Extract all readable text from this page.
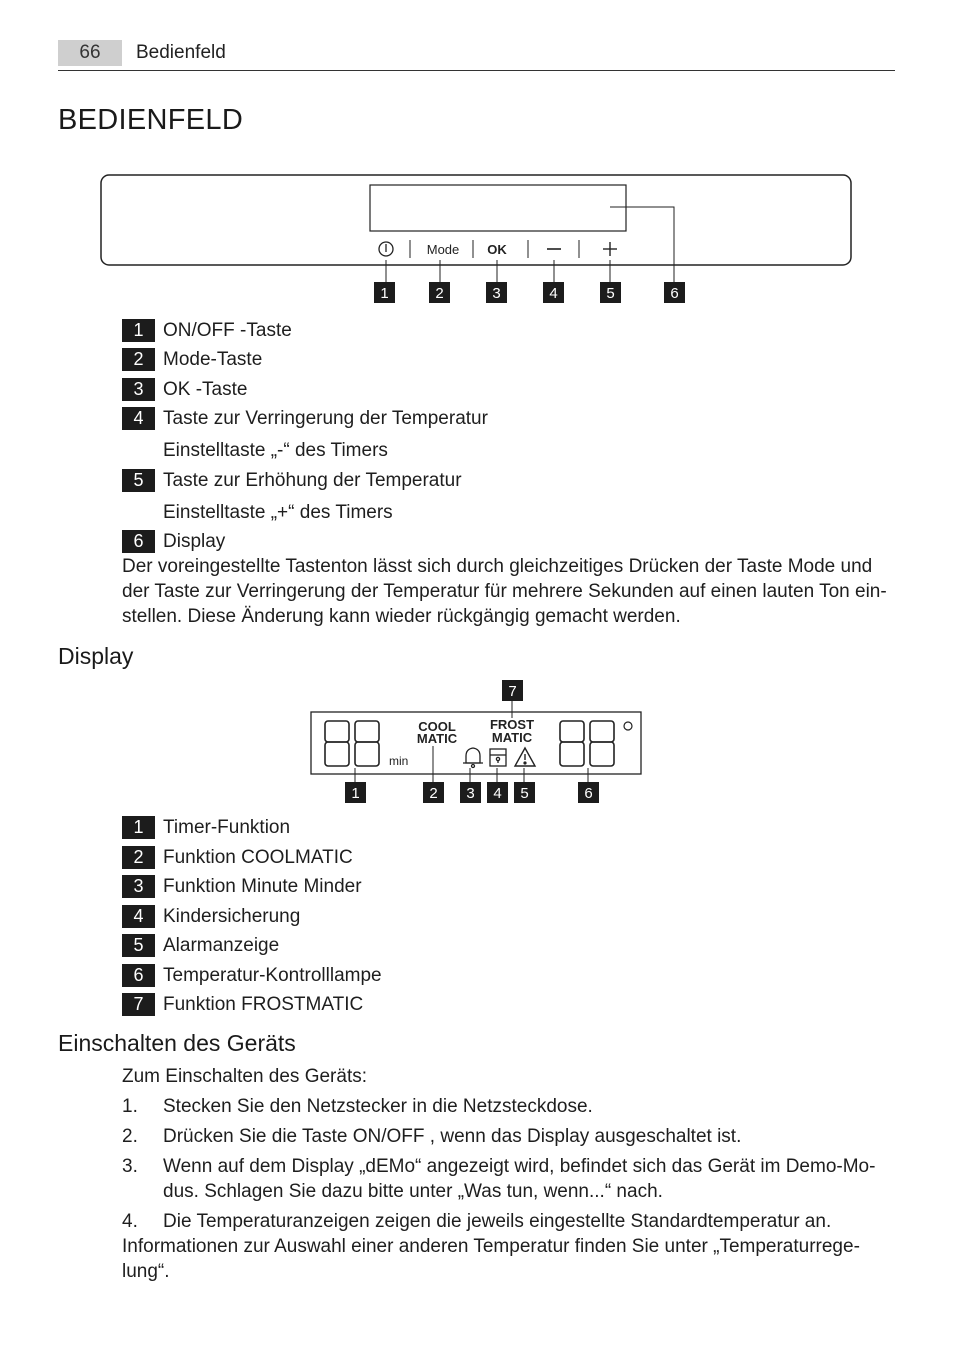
66	Bedienfeld
BEDIENFELD
Mode OK
1	2	3	4	5	6
1	ON/OFF -Taste
2	Mode-Taste
3	OK -Taste
4	Taste zur Verringerung der Temperatur
Einstelltaste „-“ des Timers
5	Taste zur Erhöhung der Temperatur
Einstelltaste „+“ des Timers
6	Display
Der voreingestellte Tastenton lässt sich durch gleichzeitiges Drücken der Taste Mode und der Taste zur Verringerung der Temperatur für mehrere Sekunden auf einen lauten Ton einstellen. Diese Änderung kann wieder rückgängig gemacht werden.
Display
7
min
COOL
MATIC
FROST
MATIC
1	2 3 4 5	6
1	Timer-Funktion
2	Funktion COOLMATIC
3	Funktion Minute Minder
4	Kindersicherung
5	Alarmanzeige
6	Temperatur-Kontrolllampe
7	Funktion FROSTMATIC
Einschalten des Geräts
Zum Einschalten des Geräts:
1. Stecken Sie den Netzstecker in die Netzsteckdose.
2. Drücken Sie die Taste ON/OFF , wenn das Display ausgeschaltet ist.
3. Wenn auf dem Display „dEMo“ angezeigt wird, befindet sich das Gerät im Demo-Modus. Schlagen Sie dazu bitte unter „Was tun, wenn...“ nach.
4. Die Temperaturanzeigen zeigen die jeweils eingestellte Standardtemperatur an.
Informationen zur Auswahl einer anderen Temperatur finden Sie unter „Temperaturregelung“.
